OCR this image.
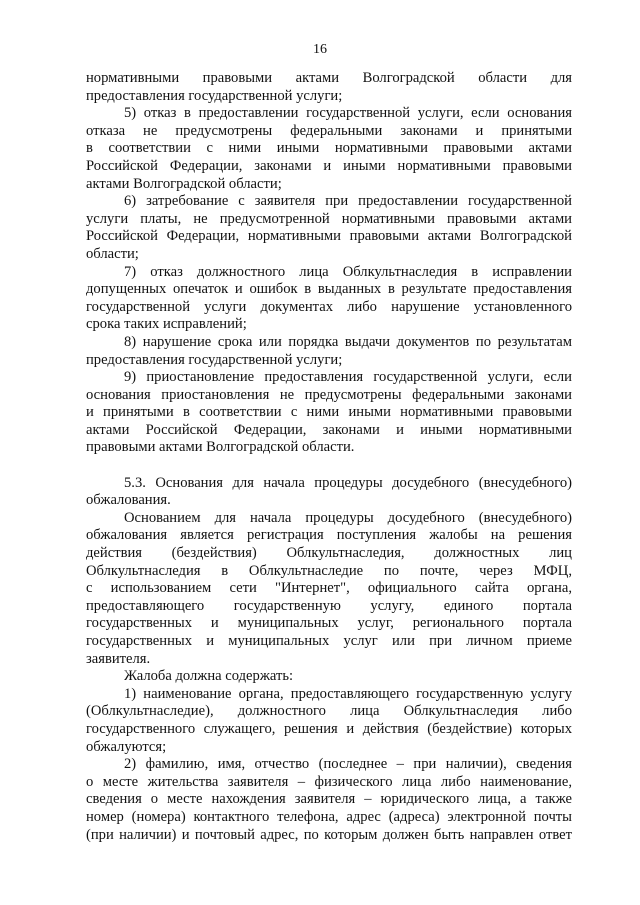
16

нормативными правовыми актами Волгоградской области для
предоставления государственной услуги;

5) отказ в предоставлении государственной услуги, если основания
отказа не предусмотрены федеральными законами и принятыми
в соответствии с ними иными нормативными правовыми актами
Российской Федерации, законами и иными нормативными правовыми
актами Волгоградской области;

6) затребование с заявителя при предоставлении государственной
услуги платы, не предусмотренной нормативными правовыми актами
Российской Федерации, нормативными правовыми актами Волгоградской
области;

7) отказ должностного лица Облкультнаследия в исправлении
допущенных опечаток и ошибок в выданных в результате предоставления
государственной услуги документах либо нарушение установленного
срока таких исправлений;

8) нарушение срока или порядка выдачи документов по результатам
предоставления государственной услуги;

9) приостановление предоставления государственной услуги, если
основания приостановления не предусмотрены федеральными законами
и принятыми в соответствии с ними иными нормативными правовыми
актами Российской Федерации, законами и иными нормативными
правовыми актами Волгоградской области.

5.3. Основания для начала процедуры досудебного (внесудебного)
обжалования.

Основанием для начала процедуры досудебного (внесудебного)
обжалования является регистрация поступления жалобы на решения
действия (бездействия) Облкультнаследия, должностных лиц
Облкультнаследия в Облкультнаследие по почте, через МФЦ,
с использованием сети "Интернет", официального сайта органа,
предоставляющего государственную услугу, единого портала
государственных и муниципальных услуг, регионального портала
государственных и муниципальных услуг или при личном приеме
заявителя.

Жалоба должна содержать:

1) наименование органа, предоставляющего государственную услугу
(Облкультнаследие), должностного лица Облкультнаследия либо
государственного служащего, решения и действия (бездействие) которых
обжалуются;

2) фамилию, имя, отчество (последнее – при наличии), сведения
о месте жительства заявителя – физического лица либо наименование,
сведения о месте нахождения заявителя – юридического лица, а также
номер (номера) контактного телефона, адрес (адреса) электронной почты
(при наличии) и почтовый адрес, по которым должен быть направлен ответ
